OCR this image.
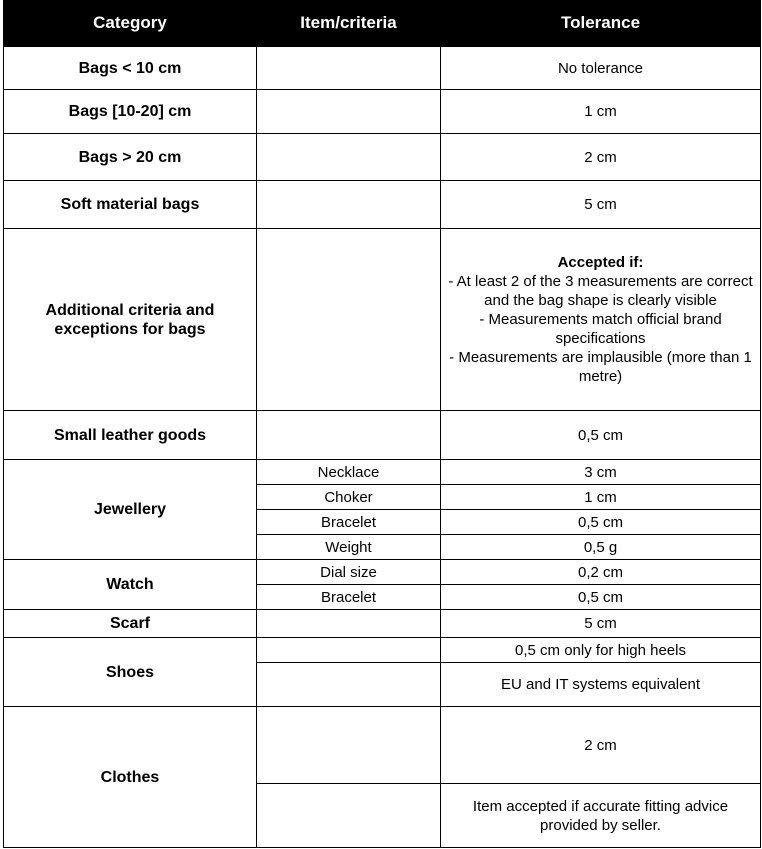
Category	Item/criteria	Tolerance
Bags < 10 cm		No tolerance
Bags [10-20] cm		1 cm
Bags > 20 cm		2 cm
Soft material bags		5 cm
Additional criteria and exceptions for bags		Accepted if:
- At least 2 of the 3 measurements are correct and the bag shape is clearly visible
- Measurements match official brand specifications
- Measurements are implausible (more than 1 metre)

Small leather goods		0,5 cm
Jewellery	Necklace	3 cm
	Choker	1 cm
	Bracelet	0,5 cm
	Weight	0,5 g
Watch	Dial size	0,2 cm
	Bracelet	0,5 cm
Scarf		5 cm
Shoes		0,5 cm only for high heels
		EU and IT systems equivalent
Clothes		2 cm
		Item accepted if accurate fitting advice provided by seller.
